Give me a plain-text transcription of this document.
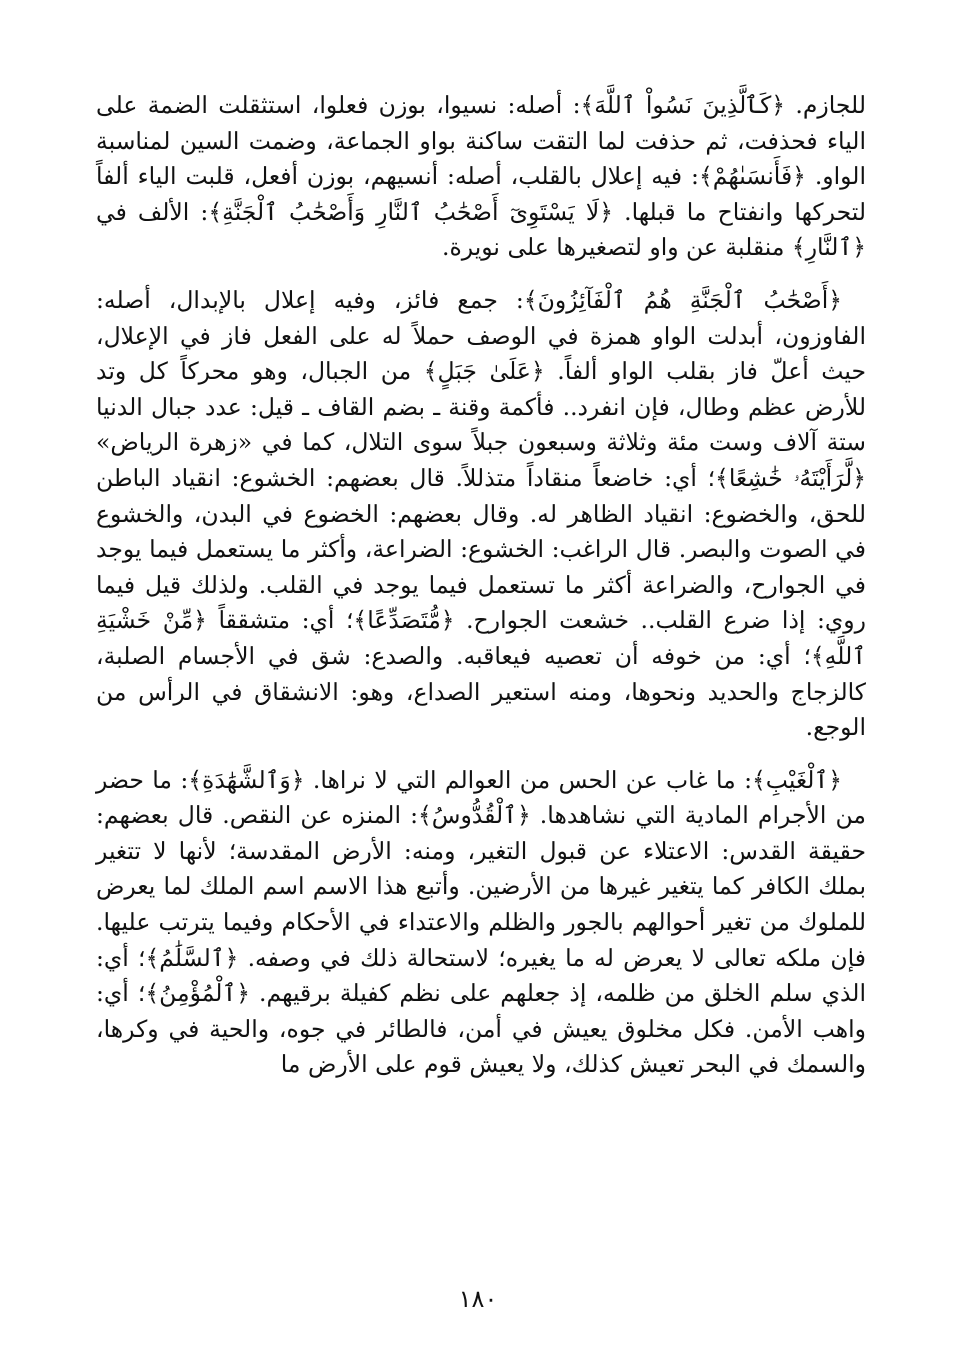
للجازم. ﴿كَٱلَّذِينَ نَسُواْ ٱللَّهَ﴾: أصله: نسيوا، بوزن فعلوا، استثقلت الضمة على الياء فحذفت، ثم حذفت لما التقت ساكنة بواو الجماعة، وضمت السين لمناسبة الواو. ﴿فَأَنسَىٰهُمْ﴾: فيه إعلال بالقلب، أصله: أنسيهم، بوزن أفعل، قلبت الياء ألفاً لتحركها وانفتاح ما قبلها. ﴿لَا يَسْتَوِىٓ أَصْحَٰبُ ٱلنَّارِ وَأَصْحَٰبُ ٱلْجَنَّةِ﴾: الألف في ﴿ٱلنَّارِ﴾ منقلبة عن واو لتصغيرها على نويرة.

﴿أَصْحَٰبُ ٱلْجَنَّةِ هُمُ ٱلْفَآئِزُونَ﴾: جمع فائز، وفيه إعلال بالإبدال، أصله: الفاوزون، أبدلت الواو همزة في الوصف حملاً له على الفعل فاز في الإعلال، حيث أعلّ فاز بقلب الواو ألفاً. ﴿عَلَىٰ جَبَلٍ﴾ من الجبال، وهو محركاً كل وتد للأرض عظم وطال، فإن انفرد.. فأكمة وقنة ـ بضم القاف ـ قيل: عدد جبال الدنيا ستة آلاف وست مئة وثلاثة وسبعون جبلاً سوى التلال، كما في «زهرة الرياض» ﴿لَّرَأَيْتَهُۥ خَٰشِعًا﴾؛ أي: خاضعاً منقاداً متذللاً. قال بعضهم: الخشوع: انقياد الباطن للحق، والخضوع: انقياد الظاهر له. وقال بعضهم: الخضوع في البدن، والخشوع في الصوت والبصر. قال الراغب: الخشوع: الضراعة، وأكثر ما يستعمل فيما يوجد في الجوارح، والضراعة أكثر ما تستعمل فيما يوجد في القلب. ولذلك قيل فيما روي: إذا ضرع القلب.. خشعت الجوارح. ﴿مُّتَصَدِّعًا﴾؛ أي: متشققاً ﴿مِّنْ خَشْيَةِ ٱللَّهِ﴾؛ أي: من خوفه أن تعصيه فيعاقبه. والصدع: شق في الأجسام الصلبة، كالزجاج والحديد ونحوها، ومنه استعير الصداع، وهو: الانشقاق في الرأس من الوجع.

﴿ٱلْغَيْبِ﴾: ما غاب عن الحس من العوالم التي لا نراها. ﴿وَٱلشَّهَٰدَةِ﴾: ما حضر من الأجرام المادية التي نشاهدها. ﴿ٱلْقُدُّوسُ﴾: المنزه عن النقص. قال بعضهم: حقيقة القدس: الاعتلاء عن قبول التغير، ومنه: الأرض المقدسة؛ لأنها لا تتغير بملك الكافر كما يتغير غيرها من الأرضين. وأتبع هذا الاسم اسم الملك لما يعرض للملوك من تغير أحوالهم بالجور والظلم والاعتداء في الأحكام وفيما يترتب عليها. فإن ملكه تعالى لا يعرض له ما يغيره؛ لاستحالة ذلك في وصفه. ﴿ٱلسَّلَٰمُ﴾؛ أي: الذي سلم الخلق من ظلمه، إذ جعلهم على نظم كفيلة برقيهم. ﴿ٱلْمُؤْمِنُ﴾؛ أي: واهب الأمن. فكل مخلوق يعيش في أمن، فالطائر في جوه، والحية في وكرها، والسمك في البحر تعيش كذلك، ولا يعيش قوم على الأرض ما

١٨٠
